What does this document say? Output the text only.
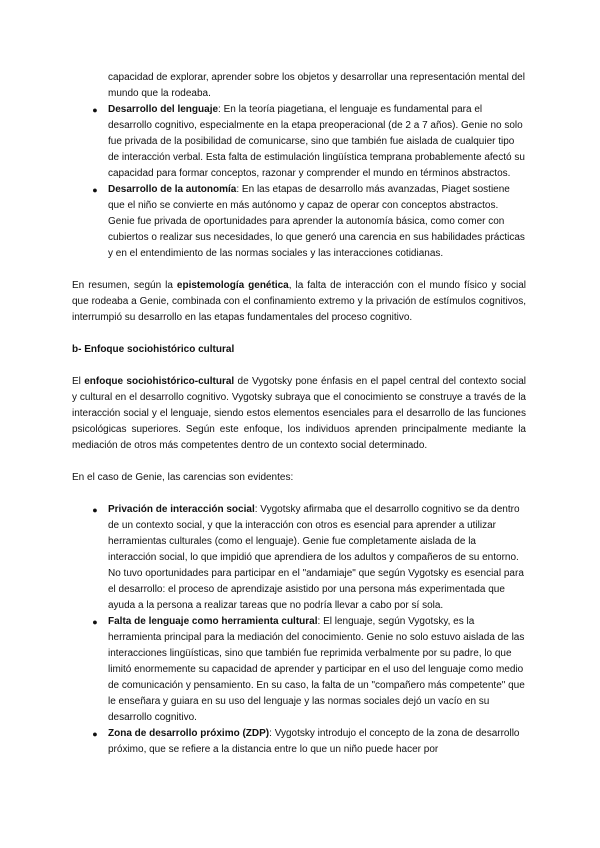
capacidad de explorar, aprender sobre los objetos y desarrollar una representación mental del mundo que la rodeaba.

● Desarrollo del lenguaje: En la teoría piagetiana, el lenguaje es fundamental para el desarrollo cognitivo, especialmente en la etapa preoperacional (de 2 a 7 años). Genie no solo fue privada de la posibilidad de comunicarse, sino que también fue aislada de cualquier tipo de interacción verbal. Esta falta de estimulación lingüística temprana probablemente afectó su capacidad para formar conceptos, razonar y comprender el mundo en términos abstractos.
● Desarrollo de la autonomía: En las etapas de desarrollo más avanzadas, Piaget sostiene que el niño se convierte en más autónomo y capaz de operar con conceptos abstractos. Genie fue privada de oportunidades para aprender la autonomía básica, como comer con cubiertos o realizar sus necesidades, lo que generó una carencia en sus habilidades prácticas y en el entendimiento de las normas sociales y las interacciones cotidianas.

En resumen, según la epistemología genética, la falta de interacción con el mundo físico y social que rodeaba a Genie, combinada con el confinamiento extremo y la privación de estímulos cognitivos, interrumpió su desarrollo en las etapas fundamentales del proceso cognitivo.

b- Enfoque sociohistórico cultural

El enfoque sociohistórico-cultural de Vygotsky pone énfasis en el papel central del contexto social y cultural en el desarrollo cognitivo. Vygotsky subraya que el conocimiento se construye a través de la interacción social y el lenguaje, siendo estos elementos esenciales para el desarrollo de las funciones psicológicas superiores. Según este enfoque, los individuos aprenden principalmente mediante la mediación de otros más competentes dentro de un contexto social determinado.

En el caso de Genie, las carencias son evidentes:

● Privación de interacción social: Vygotsky afirmaba que el desarrollo cognitivo se da dentro de un contexto social, y que la interacción con otros es esencial para aprender a utilizar herramientas culturales (como el lenguaje). Genie fue completamente aislada de la interacción social, lo que impidió que aprendiera de los adultos y compañeros de su entorno. No tuvo oportunidades para participar en el "andamiaje" que según Vygotsky es esencial para el desarrollo: el proceso de aprendizaje asistido por una persona más experimentada que ayuda a la persona a realizar tareas que no podría llevar a cabo por sí sola.
● Falta de lenguaje como herramienta cultural: El lenguaje, según Vygotsky, es la herramienta principal para la mediación del conocimiento. Genie no solo estuvo aislada de las interacciones lingüísticas, sino que también fue reprimida verbalmente por su padre, lo que limitó enormemente su capacidad de aprender y participar en el uso del lenguaje como medio de comunicación y pensamiento. En su caso, la falta de un "compañero más competente" que le enseñara y guiara en su uso del lenguaje y las normas sociales dejó un vacío en su desarrollo cognitivo.
● Zona de desarrollo próximo (ZDP): Vygotsky introdujo el concepto de la zona de desarrollo próximo, que se refiere a la distancia entre lo que un niño puede hacer por
